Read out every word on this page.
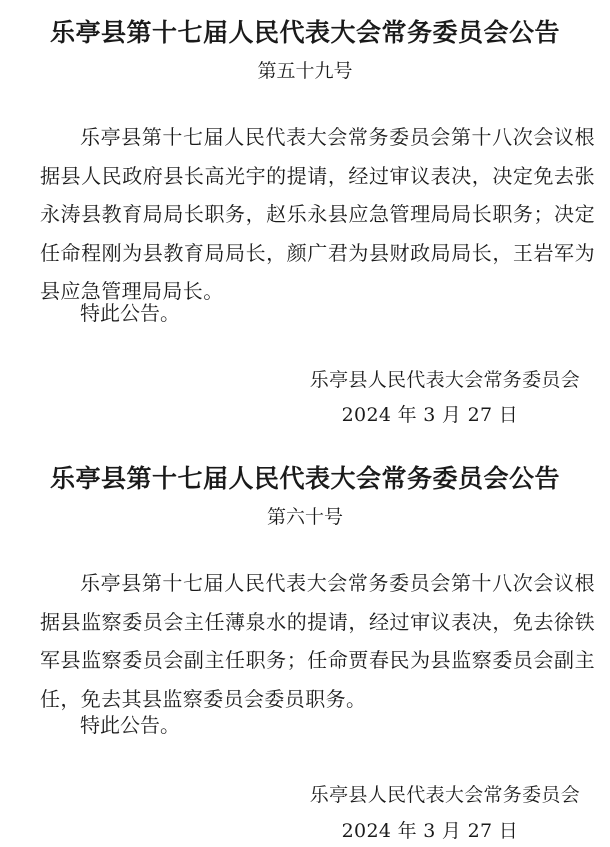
乐亭县第十七届人民代表大会常务委员会公告
第五十九号

乐亭县第十七届人民代表大会常务委员会第十八次会议根据县人民政府县长高光宇的提请，经过审议表决，决定免去张永涛县教育局局长职务，赵乐永县应急管理局局长职务；决定任命程刚为县教育局局长，颜广君为县财政局局长，王岩军为县应急管理局局长。

特此公告。

乐亭县人民代表大会常务委员会
2024 年 3 月 27 日
乐亭县第十七届人民代表大会常务委员会公告
第六十号

乐亭县第十七届人民代表大会常务委员会第十八次会议根据县监察委员会主任薄泉水的提请，经过审议表决，免去徐铁军县监察委员会副主任职务；任命贾春民为县监察委员会副主任，免去其县监察委员会委员职务。

特此公告。

乐亭县人民代表大会常务委员会
2024 年 3 月 27 日
